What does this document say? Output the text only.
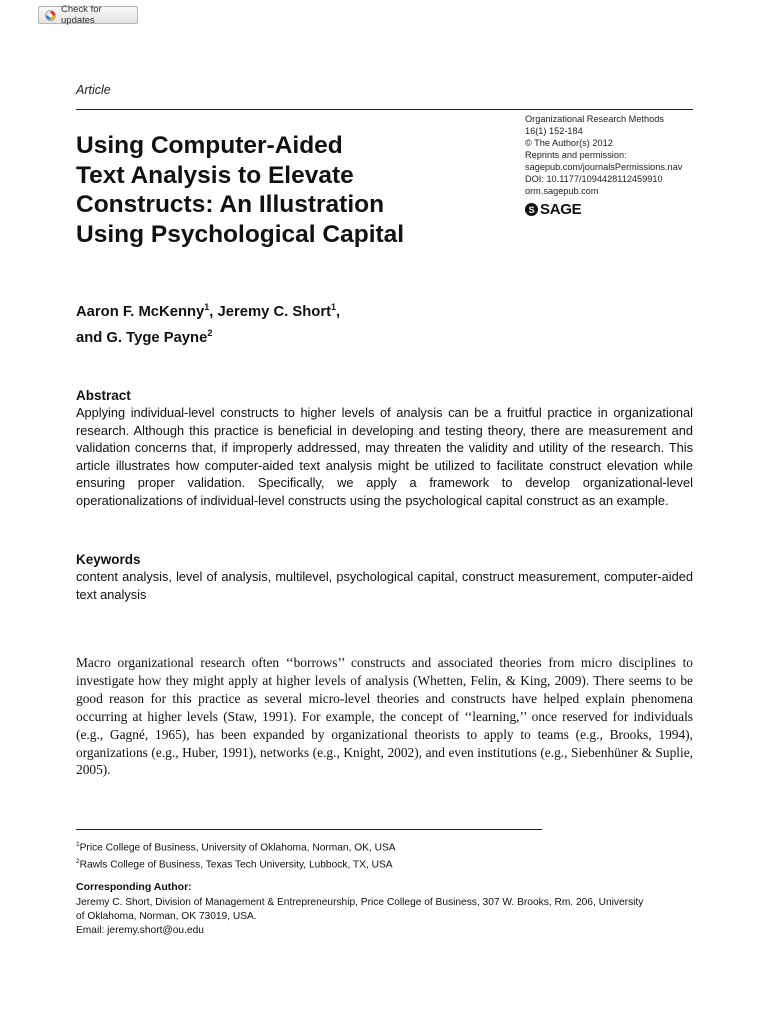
Check for updates
Article
Organizational Research Methods
16(1) 152-184
© The Author(s) 2012
Reprints and permission:
sagepub.com/journalsPermissions.nav
DOI: 10.1177/1094428112459910
orm.sagepub.com
S SAGE
Using Computer-Aided
Text Analysis to Elevate
Constructs: An Illustration
Using Psychological Capital
Aaron F. McKenny$^1$, Jeremy C. Short$^1$,
and G. Tyge Payne$^2$
Abstract

Applying individual-level constructs to higher levels of analysis can be a fruitful practice in organizational research. Although this practice is beneficial in developing and testing theory, there are measurement and validation concerns that, if improperly addressed, may threaten the validity and utility of the research. This article illustrates how computer-aided text analysis might be utilized to facilitate construct elevation while ensuring proper validation. Specifically, we apply a framework to develop organizational-level operationalizations of individual-level constructs using the psychological capital construct as an example.

Keywords

content analysis, level of analysis, multilevel, psychological capital, construct measurement, computer-aided text analysis

Macro organizational research often ‘‘borrows’’ constructs and associated theories from micro disciplines to investigate how they might apply at higher levels of analysis (Whetten, Felin, & King, 2009). There seems to be good reason for this practice as several micro-level theories and constructs have helped explain phenomena occurring at higher levels (Staw, 1991). For example, the concept of ‘‘learning,’’ once reserved for individuals (e.g., Gagné, 1965), has been expanded by organizational theorists to apply to teams (e.g., Brooks, 1994), organizations (e.g., Huber, 1991), networks (e.g., Knight, 2002), and even institutions (e.g., Siebenhüner & Suplie, 2005).

$^1$Price College of Business, University of Oklahoma, Norman, OK, USA
$^2$Rawls College of Business, Texas Tech University, Lubbock, TX, USA
Corresponding Author:
Jeremy C. Short, Division of Management & Entrepreneurship, Price College of Business, 307 W. Brooks, Rm. 206, University
of Oklahoma, Norman, OK 73019, USA.
Email: jeremy.short@ou.edu
